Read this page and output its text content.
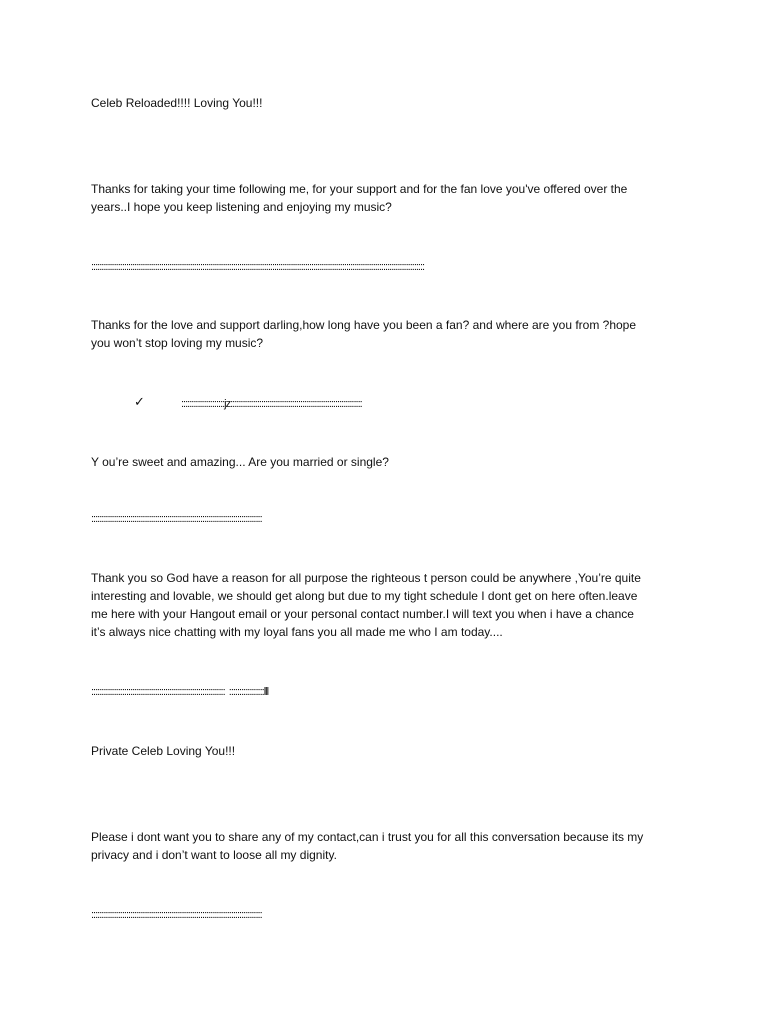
Celeb Reloaded!!!! Loving You!!!
Thanks for taking your time following me, for your support and for the fan love you've offered over the
years..I hope you keep listening and enjoying my music?
::::::::::::::::::::::::::::::::::::::::::::::::::::::::::::::::::::::::::::::::::::::::::::::::::::::::::::::::::::::::::::::::::::::::::::::::::::::::::::::::::
Thanks for the love and support darling,how long have you been a fan? and where are you from ?hope
you won’t stop loving my music?
✓	:::::::::::::::::::::jz::::::::::::::::::::::::::::::::::::::::::::::::::::::::::::::::
Y ou’re sweet and amazing... Are you married or single?
:::::::::::::::::::::::::::::::::::::::::::::::::::::::::::::::::::::::::::::::::::
Thank you so God have a reason for all purpose the righteous t person could be anywhere ,You’re quite
interesting and lovable, we should get along but due to my tight schedule I dont get on here often.leave
me here with your Hangout email or your personal contact number.I will text you when i have a chance
it’s always nice chatting with my loyal fans you all made me who I am today....
:::::::::::::::::::::::::::::::::::::::::::::::::::::::::::::::::  :::::::::::::::::lll
Private Celeb Loving You!!!
Please i dont want you to share any of my contact,can i trust you for all this conversation because its my
privacy and i don’t want to loose all my dignity.
:::::::::::::::::::::::::::::::::::::::::::::::::::::::::::::::::::::::::::::::::::
